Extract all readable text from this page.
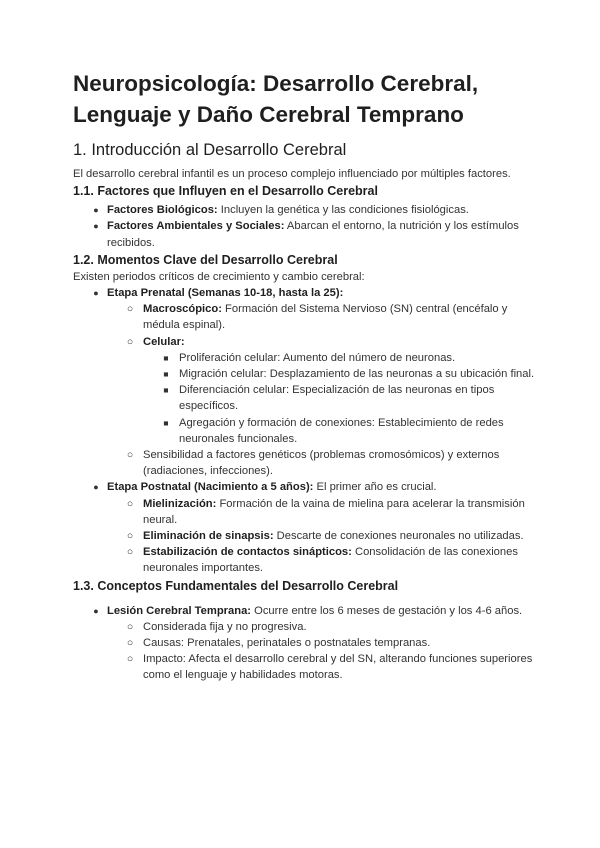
Neuropsicología: Desarrollo Cerebral, Lenguaje y Daño Cerebral Temprano
1. Introducción al Desarrollo Cerebral

El desarrollo cerebral infantil es un proceso complejo influenciado por múltiples factores.

1.1. Factores que Influyen en el Desarrollo Cerebral
● Factores Biológicos: Incluyen la genética y las condiciones fisiológicas.
● Factores Ambientales y Sociales: Abarcan el entorno, la nutrición y los estímulos recibidos.
1.2. Momentos Clave del Desarrollo Cerebral

Existen periodos críticos de crecimiento y cambio cerebral:

● Etapa Prenatal (Semanas 10-18, hasta la 25):
○ Macroscópico: Formación del Sistema Nervioso (SN) central (encéfalo y médula espinal).
○ Celular:
■ Proliferación celular: Aumento del número de neuronas.
■ Migración celular: Desplazamiento de las neuronas a su ubicación final.
■ Diferenciación celular: Especialización de las neuronas en tipos específicos.
■ Agregación y formación de conexiones: Establecimiento de redes neuronales funcionales.
○ Sensibilidad a factores genéticos (problemas cromosómicos) y externos (radiaciones, infecciones).
● Etapa Postnatal (Nacimiento a 5 años): El primer año es crucial.
○ Mielinización: Formación de la vaina de mielina para acelerar la transmisión neural.
○ Eliminación de sinapsis: Descarte de conexiones neuronales no utilizadas.
○ Estabilización de contactos sinápticos: Consolidación de las conexiones neuronales importantes.
1.3. Conceptos Fundamentales del Desarrollo Cerebral
● Lesión Cerebral Temprana: Ocurre entre los 6 meses de gestación y los 4-6 años.
○ Considerada fija y no progresiva.
○ Causas: Prenatales, perinatales o postnatales tempranas.
○ Impacto: Afecta el desarrollo cerebral y del SN, alterando funciones superiores como el lenguaje y habilidades motoras.
